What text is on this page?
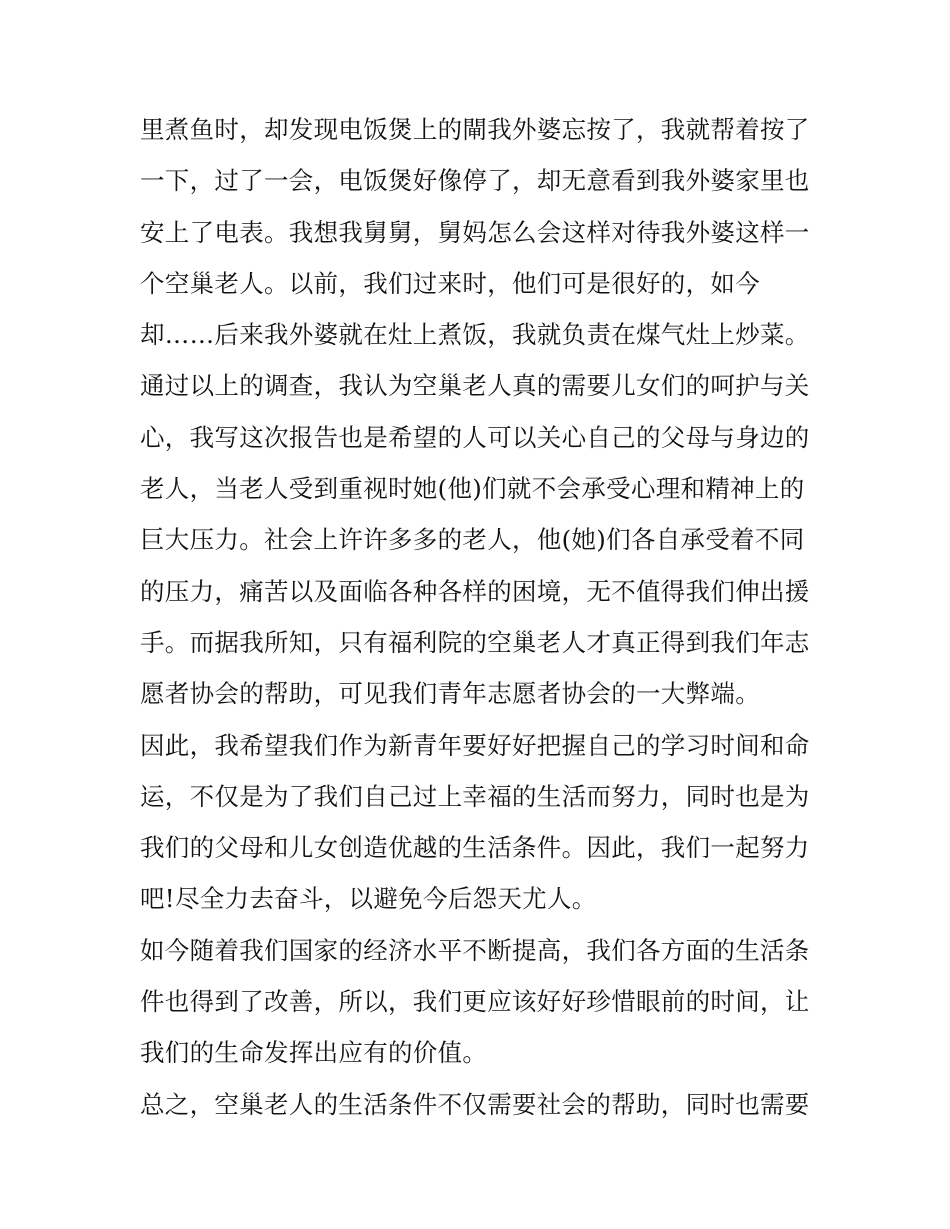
里煮鱼时，却发现电饭煲上的閘我外婆忘按了，我就帮着按了
一下，过了一会，电饭煲好像停了，却无意看到我外婆家里也
安上了电表。我想我舅舅，舅妈怎么会这样对待我外婆这样一
个空巢老人。以前，我们过来时，他们可是很好的，如今
却……后来我外婆就在灶上煮饭，我就负责在煤气灶上炒菜。
通过以上的调查，我认为空巢老人真的需要儿女们的呵护与关
心，我写这次报告也是希望的人可以关心自己的父母与身边的
老人，当老人受到重视时她(他)们就不会承受心理和精神上的
巨大压力。社会上许许多多的老人，他(她)们各自承受着不同
的压力，痛苦以及面临各种各样的困境，无不值得我们伸出援
手。而据我所知，只有福利院的空巢老人才真正得到我们年志
愿者协会的帮助，可见我们青年志愿者协会的一大弊端。
因此，我希望我们作为新青年要好好把握自己的学习时间和命
运，不仅是为了我们自己过上幸福的生活而努力，同时也是为
我们的父母和儿女创造优越的生活条件。因此，我们一起努力
吧!尽全力去奋斗，以避免今后怨天尤人。
如今随着我们国家的经济水平不断提高，我们各方面的生活条
件也得到了改善，所以，我们更应该好好珍惜眼前的时间，让
我们的生命发挥出应有的价值。
总之，空巢老人的生活条件不仅需要社会的帮助，同时也需要
